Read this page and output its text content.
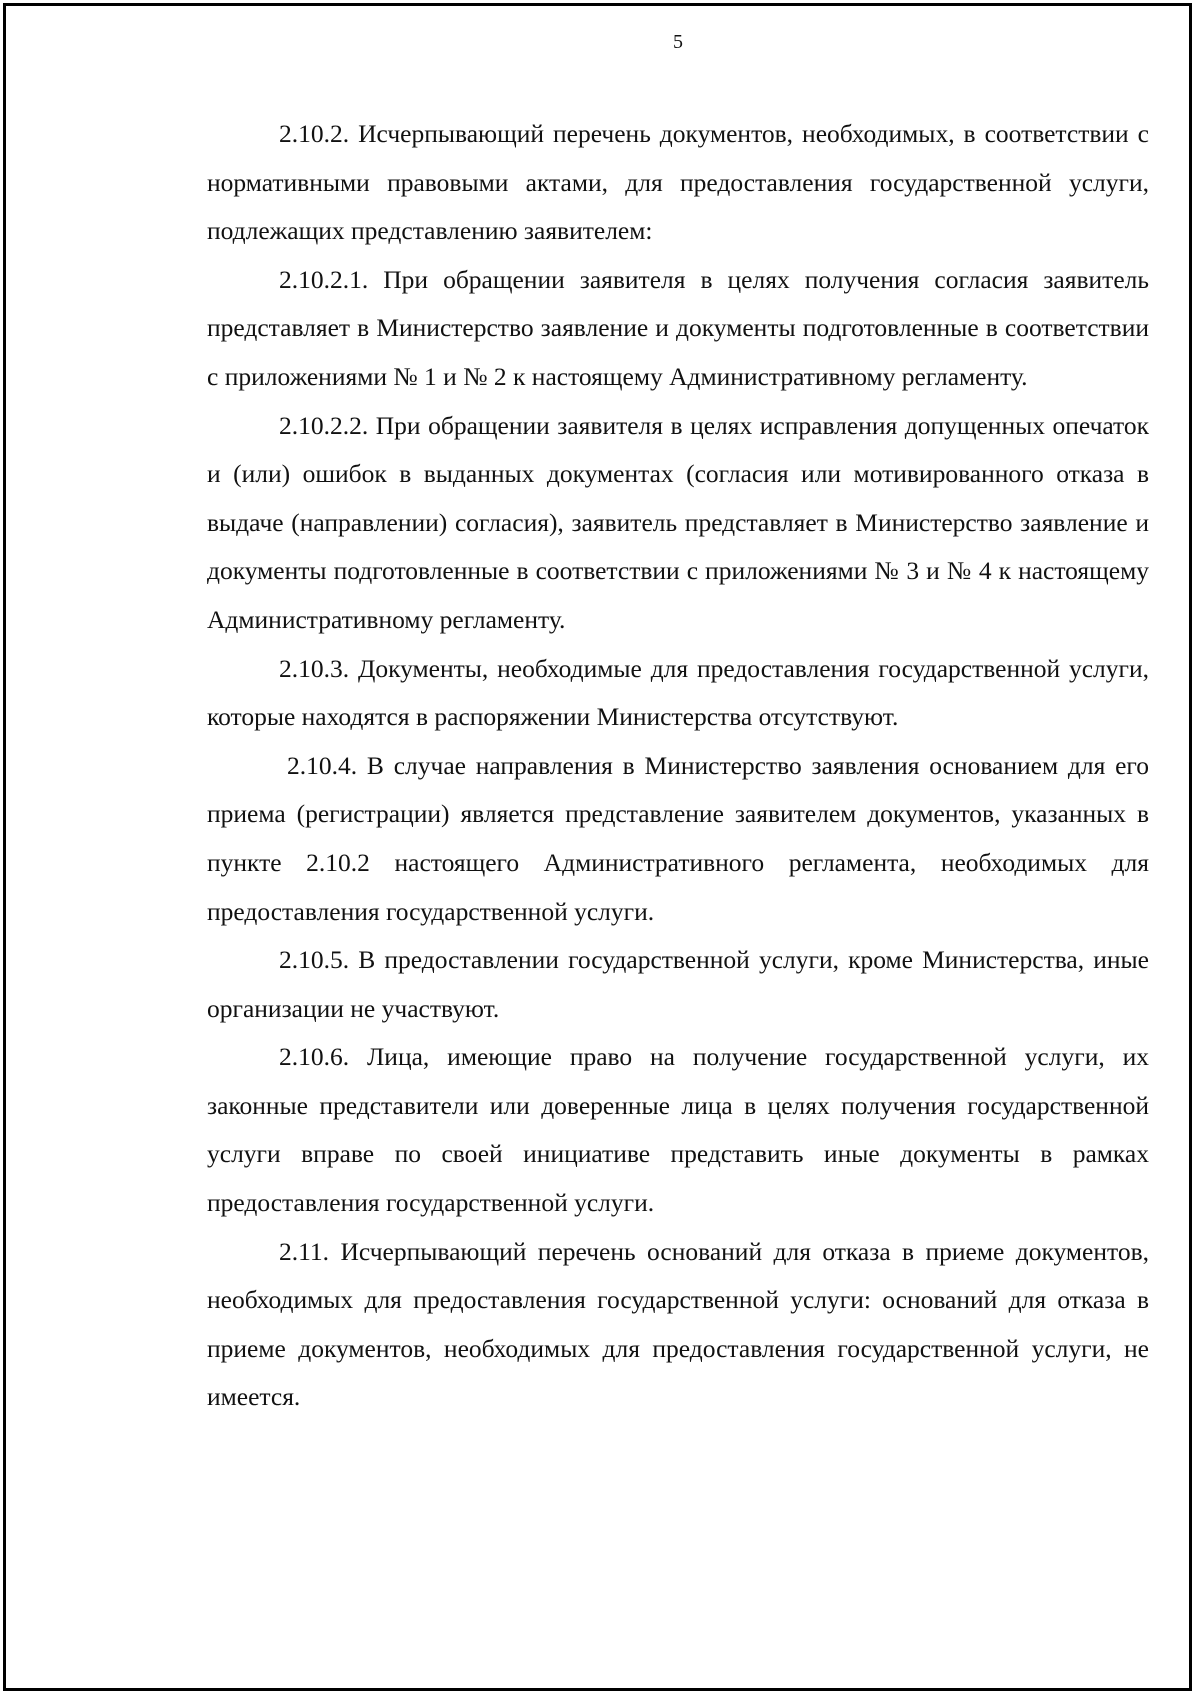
5

2.10.2. Исчерпывающий перечень документов, необходимых, в соответствии с нормативными правовыми актами, для предоставления государственной услуги, подлежащих представлению заявителем:

2.10.2.1. При обращении заявителя в целях получения согласия заявитель представляет в Министерство заявление и документы подготовленные в соответствии с приложениями № 1 и № 2 к настоящему Административному регламенту.

2.10.2.2. При обращении заявителя в целях исправления допущенных опечаток и (или) ошибок в выданных документах (согласия или мотивированного отказа в выдаче (направлении) согласия), заявитель представляет в Министерство заявление и документы подготовленные в соответствии с приложениями № 3 и № 4 к настоящему Административному регламенту.

2.10.3. Документы, необходимые для предоставления государственной услуги, которые находятся в распоряжении Министерства отсутствуют.

2.10.4. В случае направления в Министерство заявления основанием для его приема (регистрации) является представление заявителем документов, указанных в пункте 2.10.2 настоящего Административного регламента, необходимых для предоставления государственной услуги.

2.10.5. В предоставлении государственной услуги, кроме Министерства, иные организации не участвуют.

2.10.6. Лица, имеющие право на получение государственной услуги, их законные представители или доверенные лица в целях получения государственной услуги вправе по своей инициативе представить иные документы в рамках предоставления государственной услуги.

2.11. Исчерпывающий перечень оснований для отказа в приеме документов, необходимых для предоставления государственной услуги: оснований для отказа в приеме документов, необходимых для предоставления государственной услуги, не имеется.
